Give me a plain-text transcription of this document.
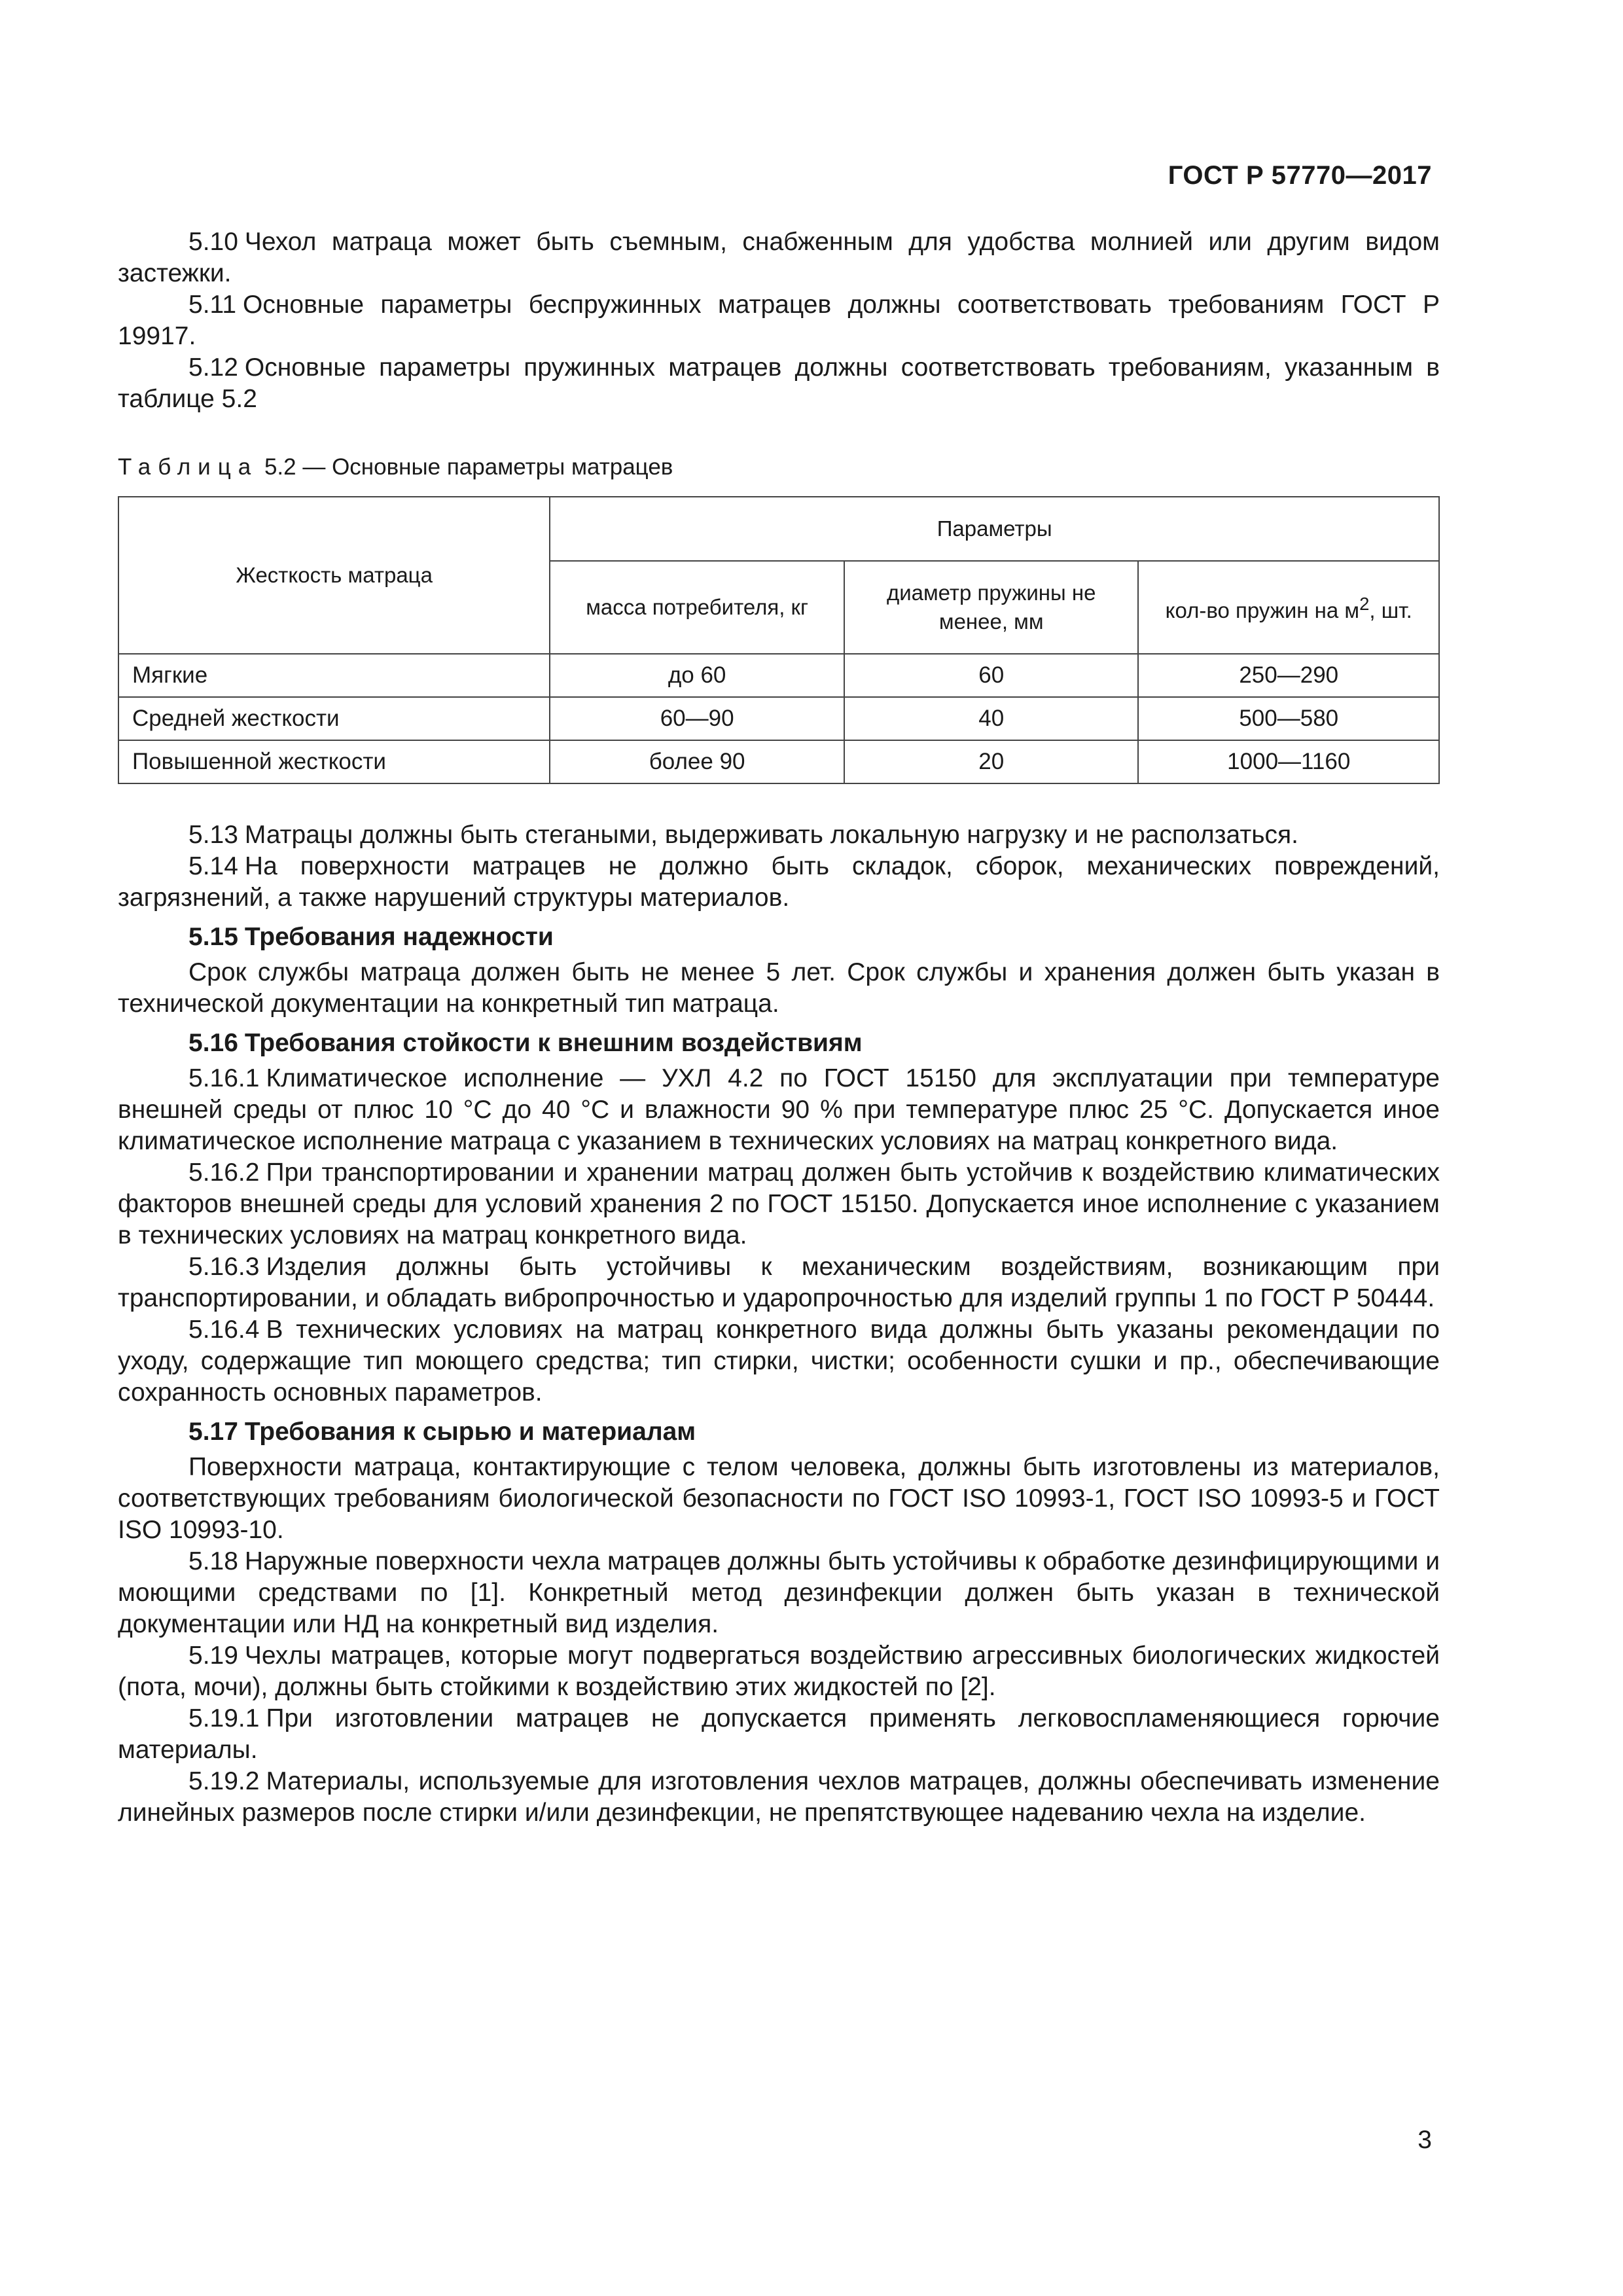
ГОСТ Р 57770—2017

5.10 Чехол матраца может быть съемным, снабженным для удобства молнией или другим видом застежки.

5.11 Основные параметры беспружинных матрацев должны соответствовать требованиям ГОСТ Р 19917.

5.12 Основные параметры пружинных матрацев должны соответствовать требованиям, указанным в таблице 5.2

Таблица 5.2 — Основные параметры матрацев
Жесткость матраца	Параметры		
	масса потребителя, кг	диаметр пружины не менее, мм	кол-во пружин на $м^2$, шт.
Мягкие	до 60	60	250—290
Средней жесткости	60—90	40	500—580
Повышенной жесткости	более 90	20	1000—1160

5.13 Матрацы должны быть стегаными, выдерживать локальную нагрузку и не расползаться.

5.14 На поверхности матрацев не должно быть складок, сборок, механических повреждений, загрязнений, а также нарушений структуры материалов.

5.15 Требования надежности

Срок службы матраца должен быть не менее 5 лет. Срок службы и хранения должен быть указан в технической документации на конкретный тип матраца.

5.16 Требования стойкости к внешним воздействиям

5.16.1 Климатическое исполнение — УХЛ 4.2 по ГОСТ 15150 для эксплуатации при температуре внешней среды от плюс 10 °С до 40 °С и влажности 90 % при температуре плюс 25 °С. Допускается иное климатическое исполнение матраца с указанием в технических условиях на матрац конкретного вида.

5.16.2 При транспортировании и хранении матрац должен быть устойчив к воздействию климатических факторов внешней среды для условий хранения 2 по ГОСТ 15150. Допускается иное исполнение с указанием в технических условиях на матрац конкретного вида.

5.16.3 Изделия должны быть устойчивы к механическим воздействиям, возникающим при транспортировании, и обладать вибропрочностью и ударопрочностью для изделий группы 1 по ГОСТ Р 50444.

5.16.4 В технических условиях на матрац конкретного вида должны быть указаны рекомендации по уходу, содержащие тип моющего средства; тип стирки, чистки; особенности сушки и пр., обеспечивающие сохранность основных параметров.

5.17 Требования к сырью и материалам

Поверхности матраца, контактирующие с телом человека, должны быть изготовлены из материалов, соответствующих требованиям биологической безопасности по ГОСТ ISO 10993-1, ГОСТ ISO 10993-5 и ГОСТ ISO 10993-10.

5.18 Наружные поверхности чехла матрацев должны быть устойчивы к обработке дезинфицирующими и моющими средствами по [1]. Конкретный метод дезинфекции должен быть указан в технической документации или НД на конкретный вид изделия.

5.19 Чехлы матрацев, которые могут подвергаться воздействию агрессивных биологических жидкостей (пота, мочи), должны быть стойкими к воздействию этих жидкостей по [2].

5.19.1 При изготовлении матрацев не допускается применять легковоспламеняющиеся горючие материалы.

5.19.2 Материалы, используемые для изготовления чехлов матрацев, должны обеспечивать изменение линейных размеров после стирки и/или дезинфекции, не препятствующее надеванию чехла на изделие.

3
